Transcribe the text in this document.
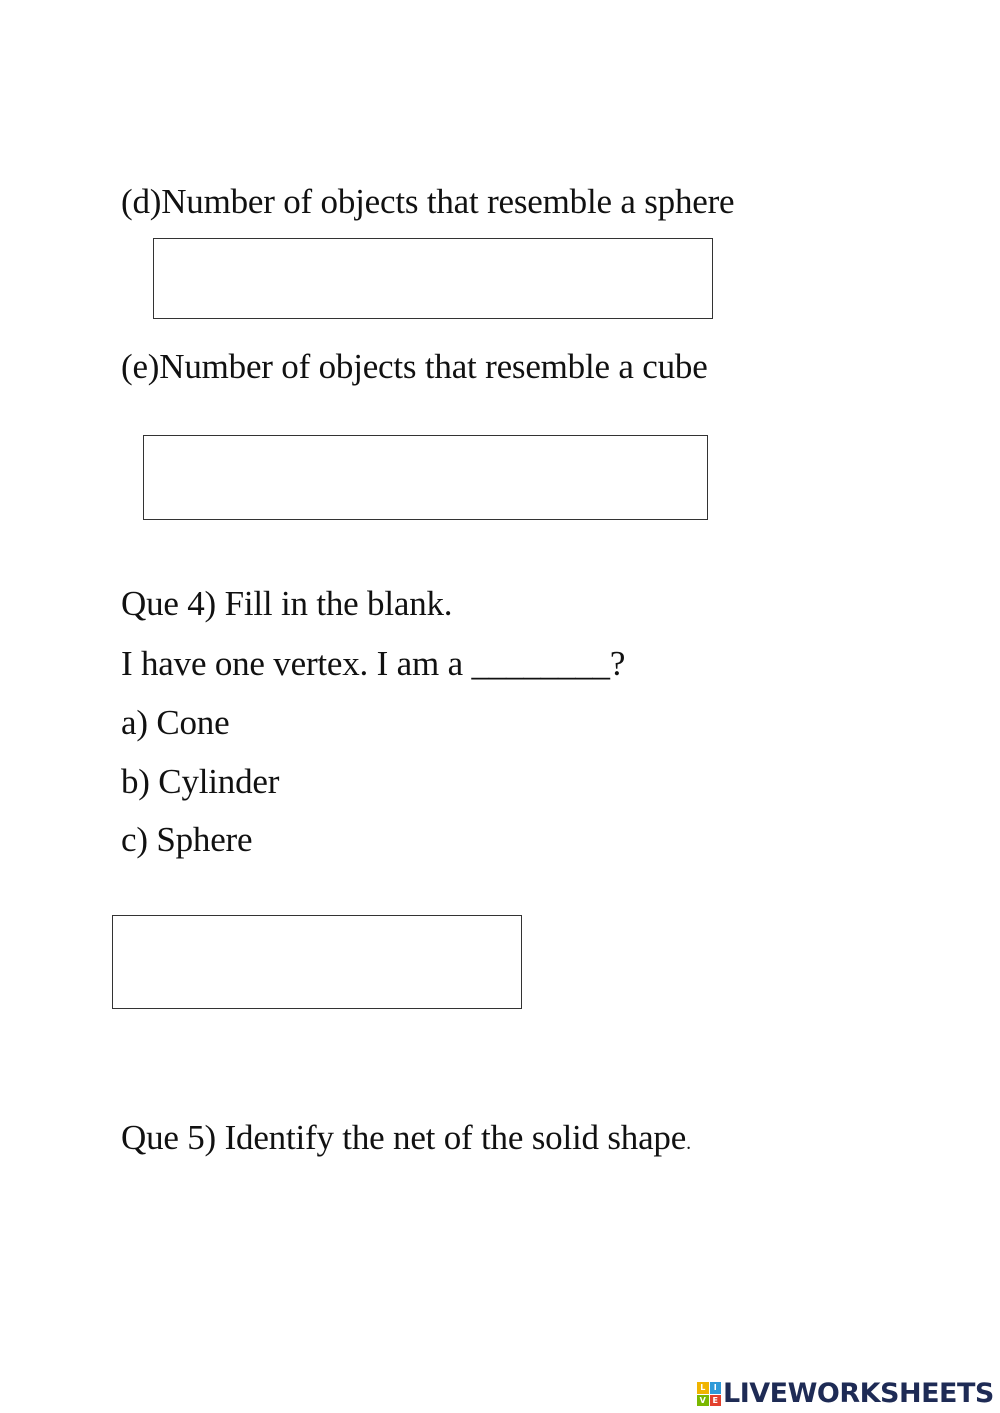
(d)Number of objects that resemble a sphere
(e)Number of objects that resemble a cube
Que 4) Fill in the blank.
I have one vertex. I am a ________?
a) Cone
b) Cylinder
c) Sphere
Que 5) Identify the net of the solid shape.
L	I
V E LIVEWORKSHEETS
